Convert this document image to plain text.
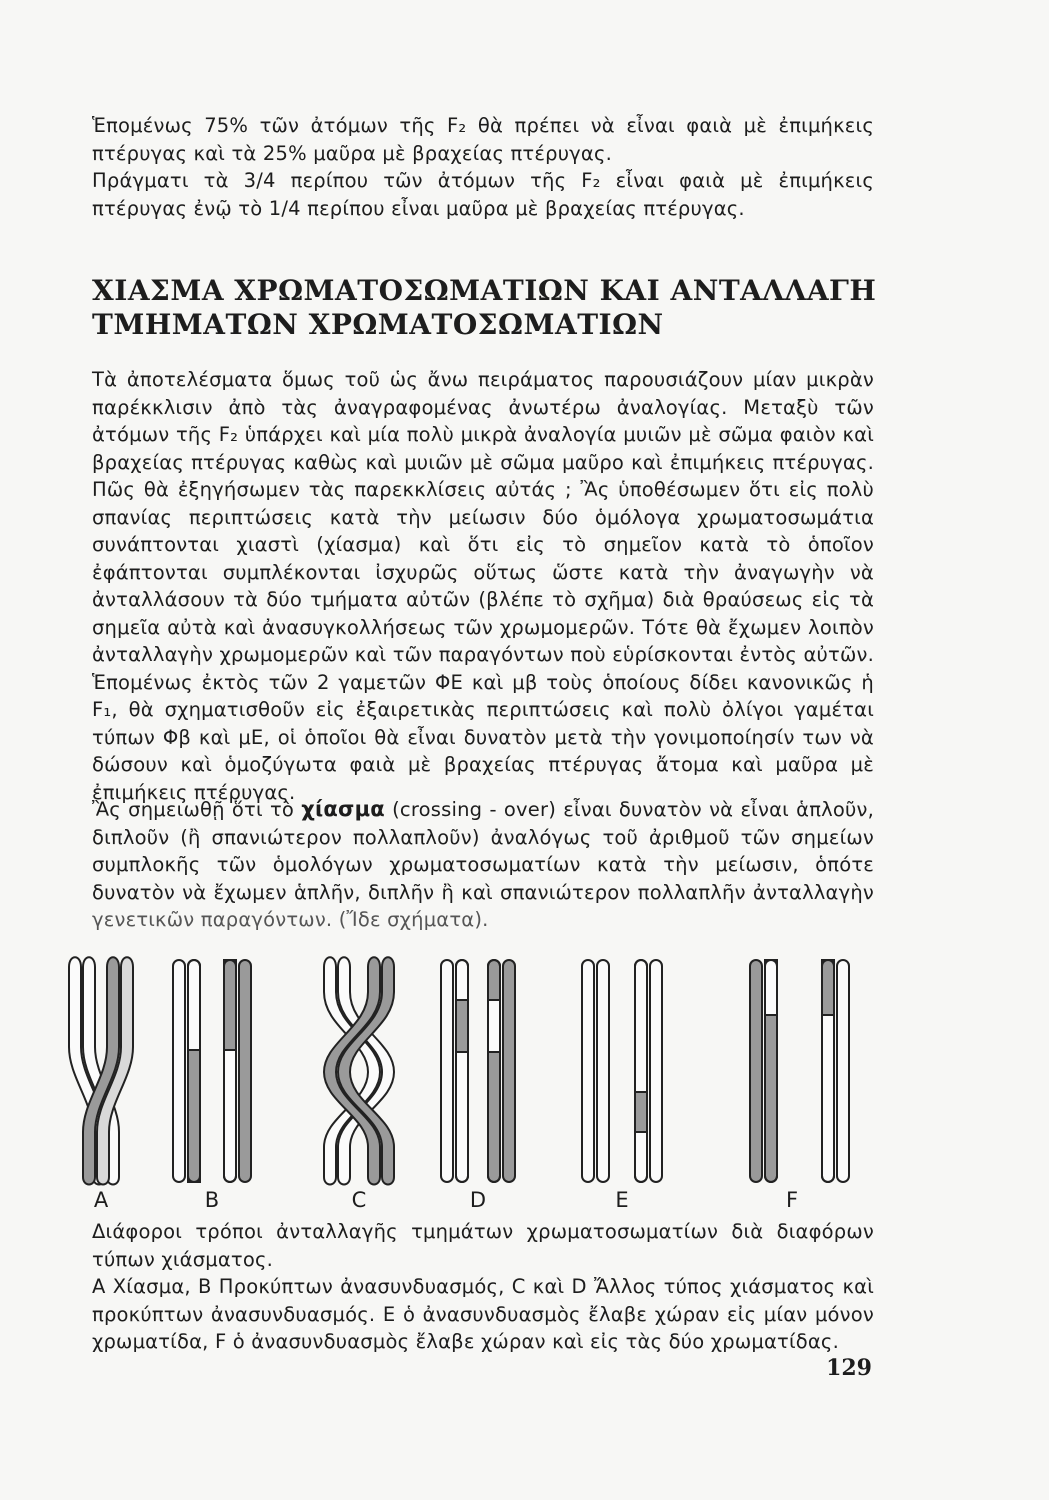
Ἑπομένως 75% τῶν ἀτόμων τῆς F₂ θὰ πρέπει νὰ εἶναι φαιὰ μὲ ἐπιμήκεις πτέρυγας καὶ τὰ 25% μαῦρα μὲ βραχείας πτέρυγας.
Πράγματι τὰ 3/4 περίπου τῶν ἀτόμων τῆς F₂ εἶναι φαιὰ μὲ ἐπιμήκεις πτέρυγας ἐνῷ τὸ 1/4 περίπου εἶναι μαῦρα μὲ βραχείας πτέρυγας.

ΧΙΑΣΜΑ ΧΡΩΜΑΤΟΣΩΜΑΤΙΩΝ ΚΑΙ ΑΝΤΑΛΛΑΓΗ
ΤΜΗΜΑΤΩΝ ΧΡΩΜΑΤΟΣΩΜΑΤΙΩΝ

Τὰ ἀποτελέσματα ὅμως τοῦ ὡς ἄνω πειράματος παρουσιάζουν μίαν μικρὰν παρέκκλισιν ἀπὸ τὰς ἀναγραφομένας ἀνωτέρω ἀναλογίας. Μεταξὺ τῶν ἀτόμων τῆς F₂ ὑπάρχει καὶ μία πολὺ μικρὰ ἀναλογία μυιῶν μὲ σῶμα φαιὸν καὶ βραχείας πτέρυγας καθὼς καὶ μυιῶν μὲ σῶμα μαῦρο καὶ ἐπιμήκεις πτέρυγας. Πῶς θὰ ἐξηγήσωμεν τὰς παρεκκλίσεις αὐτάς ; Ἂς ὑποθέσωμεν ὅτι εἰς πολὺ σπανίας περιπτώσεις κατὰ τὴν μείωσιν δύο ὁμόλογα χρωματοσωμάτια συνάπτονται χιαστὶ (χίασμα) καὶ ὅτι εἰς τὸ σημεῖον κατὰ τὸ ὁποῖον ἐφάπτονται συμπλέκονται ἰσχυρῶς οὕτως ὥστε κατὰ τὴν ἀναγωγὴν νὰ ἀνταλλάσουν τὰ δύο τμήματα αὐτῶν (βλέπε τὸ σχῆμα) διὰ θραύσεως εἰς τὰ σημεῖα αὐτὰ καὶ ἀνασυγκολλήσεως τῶν χρωμομερῶν. Τότε θὰ ἔχωμεν λοιπὸν ἀνταλλαγὴν χρωμομερῶν καὶ τῶν παραγόντων ποὺ εὑρίσκονται ἐντὸς αὐτῶν. Ἑπομένως ἐκτὸς τῶν 2 γαμετῶν ΦΕ καὶ μβ τοὺς ὁποίους δίδει κανονικῶς ἡ F₁, θὰ σχηματισθοῦν εἰς ἐξαιρετικὰς περιπτώσεις καὶ πολὺ ὀλίγοι γαμέται τύπων Φβ καὶ μΕ, οἱ ὁποῖοι θὰ εἶναι δυνατὸν μετὰ τὴν γονιμοποίησίν των νὰ δώσουν καὶ ὁμοζύγωτα φαιὰ μὲ βραχείας πτέρυγας ἄτομα καὶ μαῦρα μὲ ἐπιμήκεις πτέρυγας.

Ἂς σημειωθῇ ὅτι τὸ χίασμα (crossing - over) εἶναι δυνατὸν νὰ εἶναι ἁπλοῦν, διπλοῦν (ἢ σπανιώτερον πολλαπλοῦν) ἀναλόγως τοῦ ἀριθμοῦ τῶν σημείων συμπλοκῆς τῶν ὁμολόγων χρωματοσωματίων κατὰ τὴν μείωσιν, ὁπότε δυνατὸν νὰ ἔχωμεν ἁπλῆν, διπλῆν ἢ καὶ σπανιώτερον πολλαπλῆν ἀνταλλαγὴν γενετικῶν παραγόντων. (Ἴδε σχήματα).

A	B	C	D	E	F

Διάφοροι τρόποι ἀνταλλαγῆς τμημάτων χρωματοσωματίων διὰ διαφόρων τύπων χιάσματος.
A Χίασμα, B Προκύπτων ἀνασυνδυασμός, C καὶ D Ἄλλος τύπος χιάσματος καὶ προκύπτων ἀνασυνδυασμός. E ὁ ἀνασυνδυασμὸς ἔλαβε χώραν εἰς μίαν μόνον χρωματίδα, F ὁ ἀνασυνδυασμὸς ἔλαβε χώραν καὶ εἰς τὰς δύο χρωματίδας.

129
